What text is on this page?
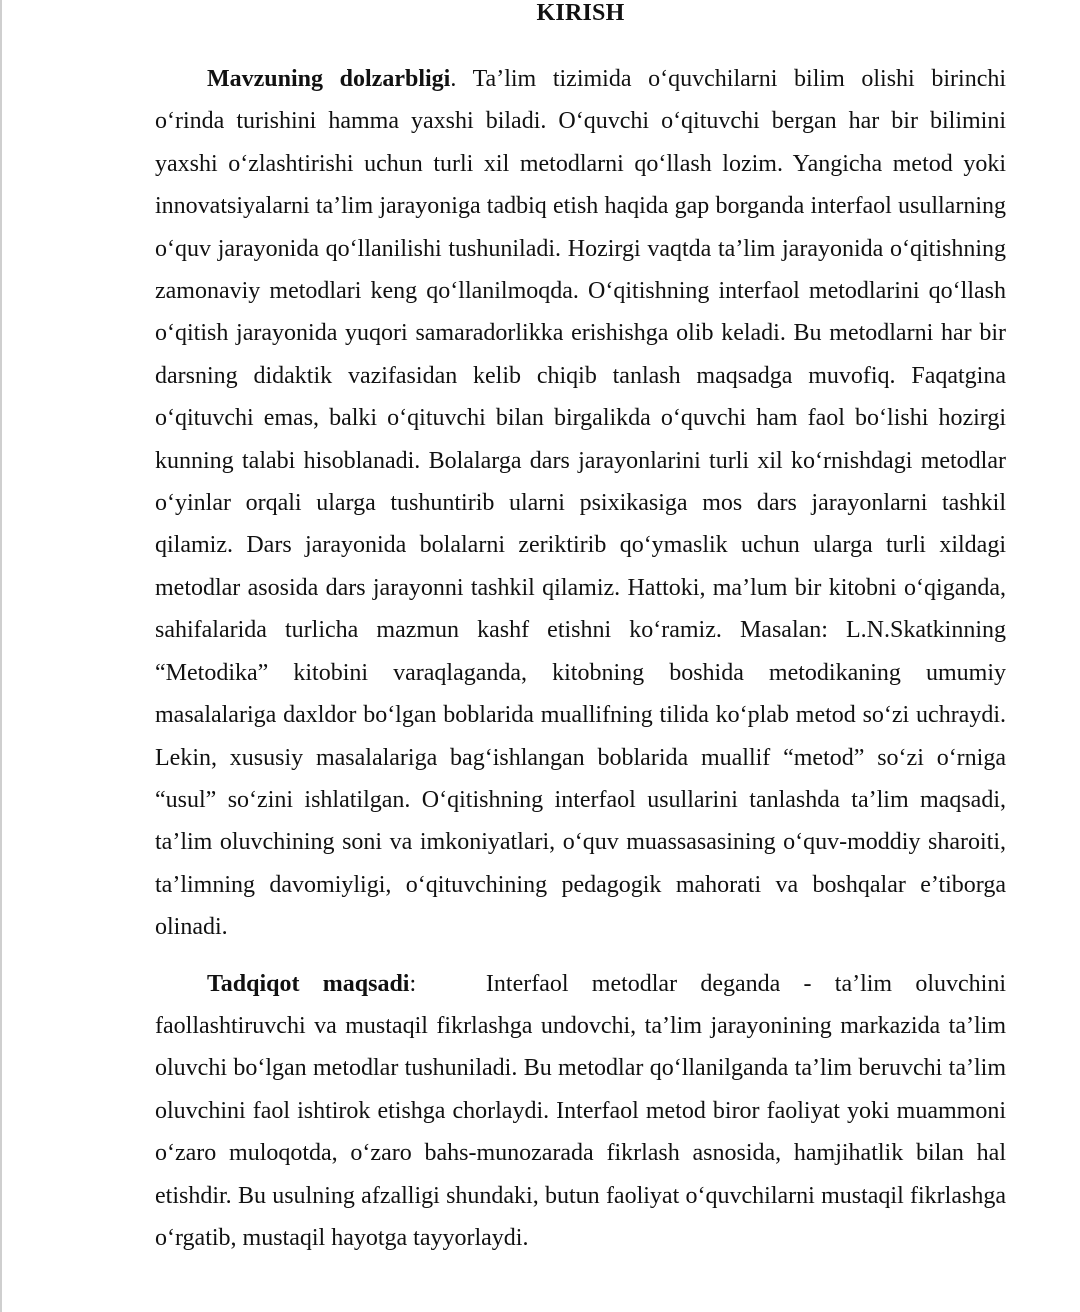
KIRISH

Mavzuning dolzarbligi. Ta’lim tizimida o‘quvchilarni bilim olishi birinchi o‘rinda turishini hamma yaxshi biladi. O‘quvchi o‘qituvchi bergan har bir bilimini yaxshi o‘zlashtirishi uchun turli xil metodlarni qo‘llash lozim. Yangicha metod yoki innovatsiyalarni ta’lim jarayoniga tadbiq etish haqida gap borganda interfaol usullarning o‘quv jarayonida qo‘llanilishi tushuniladi. Hozirgi vaqtda ta’lim jarayonida o‘qitishning zamonaviy metodlari keng qo‘llanilmoqda. O‘qitishning interfaol metodlarini qo‘llash o‘qitish jarayonida yuqori samaradorlikka erishishga olib keladi. Bu metodlarni har bir darsning didaktik vazifasidan kelib chiqib tanlash maqsadga muvofiq. Faqatgina o‘qituvchi emas, balki o‘qituvchi bilan birgalikda o‘quvchi ham faol bo‘lishi hozirgi kunning talabi hisoblanadi. Bolalarga dars jarayonlarini turli xil ko‘rnishdagi metodlar o‘yinlar orqali ularga tushuntirib ularni psixikasiga mos dars jarayonlarni tashkil qilamiz. Dars jarayonida bolalarni zeriktirib qo‘ymaslik uchun ularga turli xildagi metodlar asosida dars jarayonni tashkil qilamiz. Hattoki, ma’lum bir kitobni o‘qiganda, sahifalarida turlicha mazmun kashf etishni ko‘ramiz. Masalan: L.N.Skatkinning “Metodika” kitobini varaqlaganda, kitobning boshida metodikaning umumiy masalalariga daxldor bo‘lgan boblarida muallifning tilida ko‘plab metod so‘zi uchraydi. Lekin, xususiy masalalariga bag‘ishlangan boblarida muallif “metod” so‘zi o‘rniga “usul” so‘zini ishlatilgan. O‘qitishning interfaol usullarini tanlashda ta’lim maqsadi, ta’lim oluvchining soni va imkoniyatlari, o‘quv muassasasining o‘quv-moddiy sharoiti, ta’limning davomiyligi, o‘qituvchining pedagogik mahorati va boshqalar e’tiborga olinadi.

Tadqiqot maqsadi:   Interfaol metodlar deganda - ta’lim oluvchini faollashtiruvchi va mustaqil fikrlashga undovchi, ta’lim jarayonining markazida ta’lim oluvchi bo‘lgan metodlar tushuniladi. Bu metodlar qo‘llanilganda ta’lim beruvchi ta’lim oluvchini faol ishtirok etishga chorlaydi. Interfaol metod biror faoliyat yoki muammoni o‘zaro muloqotda, o‘zaro bahs-munozarada fikrlash asnosida, hamjihatlik bilan hal etishdir. Bu usulning afzalligi shundaki, butun faoliyat o‘quvchilarni mustaqil fikrlashga o‘rgatib, mustaqil hayotga tayyorlaydi.
